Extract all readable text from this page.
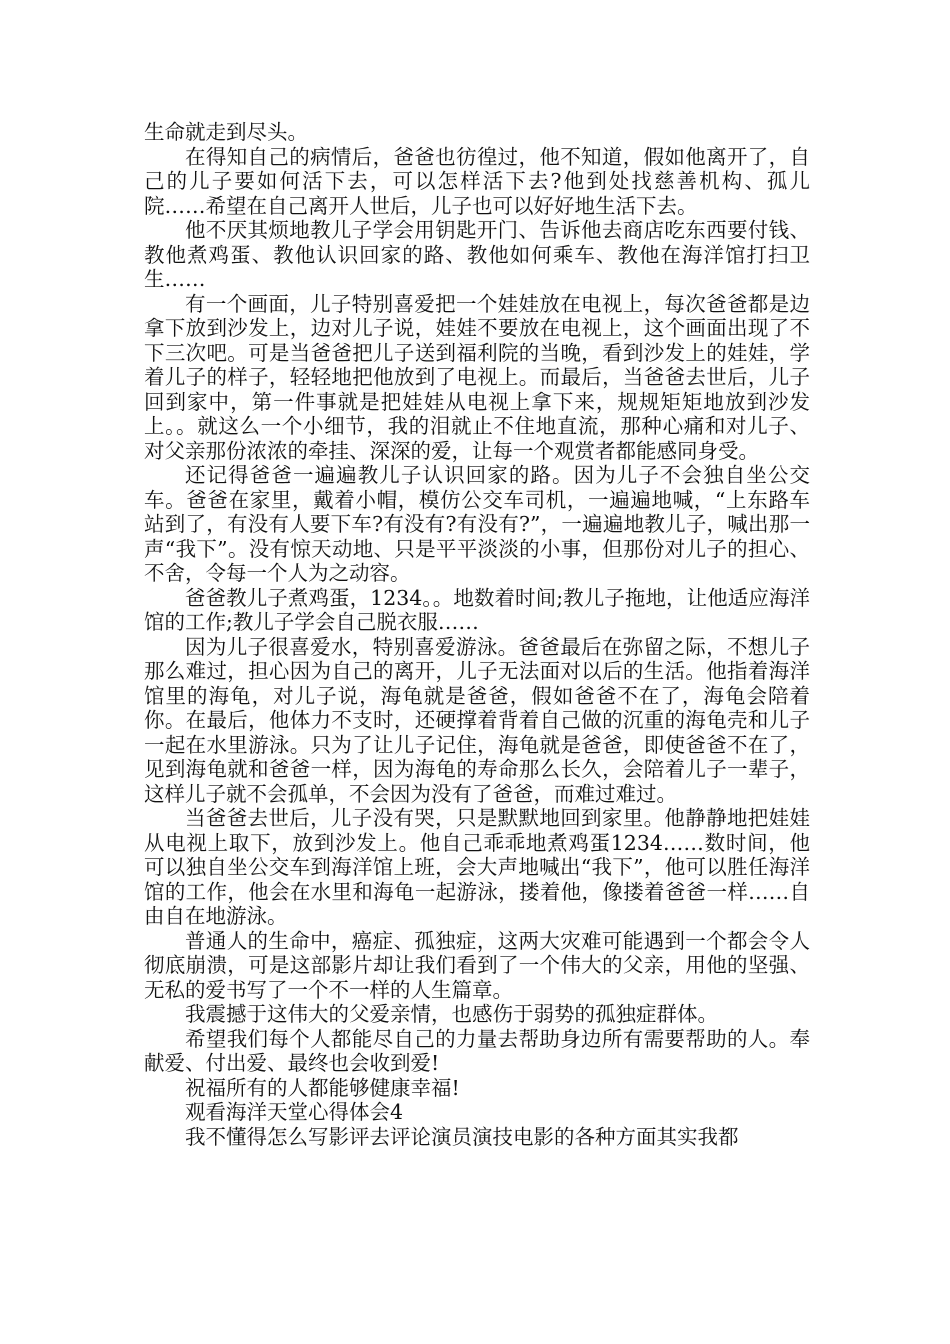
生命就走到尽头。

在得知自己的病情后，爸爸也彷徨过，他不知道，假如他离开了，自己的儿子要如何活下去，可以怎样活下去?他到处找慈善机构、孤儿院……希望在自己离开人世后，儿子也可以好好地生活下去。

他不厌其烦地教儿子学会用钥匙开门、告诉他去商店吃东西要付钱、教他煮鸡蛋、教他认识回家的路、教他如何乘车、教他在海洋馆打扫卫生……

有一个画面，儿子特别喜爱把一个娃娃放在电视上，每次爸爸都是边拿下放到沙发上，边对儿子说，娃娃不要放在电视上，这个画面出现了不下三次吧。可是当爸爸把儿子送到福利院的当晚，看到沙发上的娃娃，学着儿子的样子，轻轻地把他放到了电视上。而最后，当爸爸去世后，儿子回到家中，第一件事就是把娃娃从电视上拿下来，规规矩矩地放到沙发上。。就这么一个小细节，我的泪就止不住地直流，那种心痛和对儿子、对父亲那份浓浓的牵挂、深深的爱，让每一个观赏者都能感同身受。

还记得爸爸一遍遍教儿子认识回家的路。因为儿子不会独自坐公交车。爸爸在家里，戴着小帽，模仿公交车司机，一遍遍地喊，“上东路车站到了，有没有人要下车?有没有?有没有?”，一遍遍地教儿子，喊出那一声“我下”。没有惊天动地、只是平平淡淡的小事，但那份对儿子的担心、不舍，令每一个人为之动容。

爸爸教儿子煮鸡蛋，1234。。地数着时间;教儿子拖地，让他适应海洋馆的工作;教儿子学会自己脱衣服……

因为儿子很喜爱水，特别喜爱游泳。爸爸最后在弥留之际，不想儿子那么难过，担心因为自己的离开，儿子无法面对以后的生活。他指着海洋馆里的海龟，对儿子说，海龟就是爸爸，假如爸爸不在了，海龟会陪着你。在最后，他体力不支时，还硬撑着背着自己做的沉重的海龟壳和儿子一起在水里游泳。只为了让儿子记住，海龟就是爸爸，即使爸爸不在了，见到海龟就和爸爸一样，因为海龟的寿命那么长久，会陪着儿子一辈子，这样儿子就不会孤单，不会因为没有了爸爸，而难过难过。

当爸爸去世后，儿子没有哭，只是默默地回到家里。他静静地把娃娃从电视上取下，放到沙发上。他自己乖乖地煮鸡蛋1234……数时间，他可以独自坐公交车到海洋馆上班，会大声地喊出“我下”，他可以胜任海洋馆的工作，他会在水里和海龟一起游泳，搂着他，像搂着爸爸一样……自由自在地游泳。

普通人的生命中，癌症、孤独症，这两大灾难可能遇到一个都会令人彻底崩溃，可是这部影片却让我们看到了一个伟大的父亲，用他的坚强、无私的爱书写了一个不一样的人生篇章。

我震撼于这伟大的父爱亲情，也感伤于弱势的孤独症群体。

希望我们每个人都能尽自己的力量去帮助身边所有需要帮助的人。奉献爱、付出爱、最终也会收到爱!

祝福所有的人都能够健康幸福!

观看海洋天堂心得体会4

我不懂得怎么写影评去评论演员演技电影的各种方面其实我都
